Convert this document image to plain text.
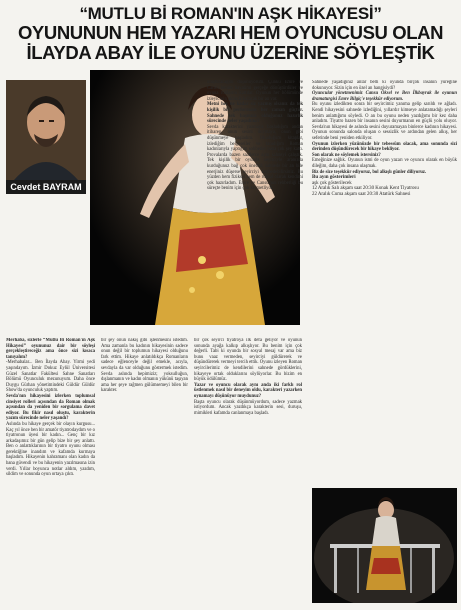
“MUTLU Bİ ROMAN'IN AŞK HİKAYESİ”
OYUNUNUN HEM YAZARI HEM OYUNCUSU OLAN
İLAYDA ABAY İLE OYUNU ÜZERİNE SÖYLEŞTİK
Cevdet BAYRAM

Merhaba, sizlerle “Mutlu Bi Roman'ın Aşk Hikayesi” oyununuz dair bir söyleşi gerçekleştireceğiz ama önce sizi kısaca tanıyalım?

-Merhabalar... Ben İlayda Abay. Yirmi yedi yaşındayım. İzmir Dokuz Eylül Üniversitesi Güzel Sanatlar Fakültesi Sahne Sanatları Bölümü Oyunculuk mezunuyum. Daha önce Duygu Gürhan yönetimindeki Güldür Güldür Show'da oyunculuk yaptım.

Sevda'nın hikayesini izlerken toplumsal cinsiyet rolleri açısından da Roman olmak açısından da yeniden bir sorgulama davet ediyor. Bu fikir nasıl oluştu, karakterin yazım sürecinde neler yaşandı?

Aslında bu hikaye gerçek bir olayın kurgusu... Kaç yıl önce ben bir amatör tiyatrodaydım ve o tiyatronun üyesi bir kadın... Genç bir kız arkadaşımız bir gün gelip bize bir şey anlattı. Ben o anlattıklarının bir tiyatro oyunu olması gerektiğine inandım ve kafamda kurmaya başladım. Hikayenin kahramanı olan kadın da bana güvendi ve bu hikayenin yazılmasına izin verdi. Yıllar boyunca notlar aldım, yazdım, sildim ve sonunda oyun ortaya çıktı.

bir şey onun nakış gibi işlenmesini istedim. Ama zamanla bu kadının hikayesinin sadece onun değil bir toplumun hikayesi olduğunu fark ettim. Hikaye anlatıldıkça Romanların sadece eğlenceyle değil emekle, acıyla, sevdayla da var olduğunu göstermek istedim. Sevda aslında hepimiziz; yoksulluğun, dışlanmanın ve kadın olmanın yükünü taşıyan ama her şeye rağmen gülümsemeyi bilen bir karakter.

bir çok seyirci tiyatroya ilk defa geliyor ve oyunun sonunda ayağa kalkıp alkışlıyor. Bu benim için çok değerli. Tabi ki oyunda bir sosyal mesaj var ama biz bunu vaaz vermeden, seyirciyi güldürerek ve düşündürerek vermeyi tercih ettik. Oyunu izleyen Roman seyircilerimiz de kendilerini sahnede gördüklerini, hikayeye ortak olduklarını söylüyorlar. Bu bizim en büyük ödülümüz.

Yazar ve oyuncu olarak aynı anda iki farklı rol üstlenmek nasıl bir deneyim oldu, karakteri yazarken oynamayı düşünüyor muydunuz?

Başta oyuncu olarak düşünmüyordum, sadece yazmak istiyordum. Ancak yazdıkça karakterin sesi, duruşu, mimikleri kafamda canlanmaya başladı.

oluşturacağını düşünüyorum. Çünkü Emre ve Cansu benim hayalimi gerçeğe dönüştürdüler ve oyuna ruhlarını kattılar. Oyunun her bölümünde izleyicinin aklında kalacak bir an var.

Metni her ne kadar siz yazmış olsanız da tek kişilik bir performans her zaman güçtür. Sahnede tek başınıza olduğunuz hazırlık sürecinde neler yaşadınız?

Sevda karakterini yazmaya başladığım andan itibaren, onun sesini duymaya, onun gibi düşünmeye başladım. Okuduğum kitaplar, izlediğim belgeseller ve tanıdığım Roman kadınlarıyla yaptığım sohbetler bana çok şey kattı. Provalarda bazen saatlerce aynı sahneyi çalıştık. Tek kişilik bir oyunda seyirciyle aranızda kurduğunuz bağ çok önemli; sahnede bir an bile enerjiniz düşerse seyirciyi kaybedebilirsiniz. Bu yüzden hem fiziksel hem de ruhsal olarak kendimi çok hazırladım. Emre ve Cansu'nun rehberliği bu süreçte benim için çok kıymetliydi.

Sahnede yaşadığınız anlar belli ki oyunda birçok insanın yüreğine dokunuyor. Sizin için en özel an hangisiydi?

Oyuncular yönetmenimiz Cansu Öksel ve Ben İlkbayrak ile oyunun dramaturgisi Emre Bilgiç'e teşekkür ediyorum.

Bu oyunu izledikten sonra bir seyircimiz yanıma gelip sarıldı ve ağladı. Kendi hikayesini sahnede izlediğini, yıllardır kimseye anlatamadığı şeyleri benim anlattığımı söyledi. O an bu oyunu neden yazdığımı bir kez daha anladım. Tiyatro bazen bir insanın sesini duyurmanın en güçlü yolu oluyor. Sevda'nın hikayesi de aslında sesini duyuramayan binlerce kadının hikayesi. Oyunun sonunda salonda oluşan o sessizlik ve ardından gelen alkış, her seferinde beni yeniden etkiliyor.

Oyunun izlerken yüzünüzde bir tebessüm olacak, ama sonunda sizi derinden düşündürecek bir hikaye bekliyor.

Son olarak ne söylemek istersiniz?

Emeğinize sağlık. Oyunun ismi de oyun yazarı ve oyuncu olarak en büyük dileğim, daha çok insana ulaşmak.

Biz de size teşekkür ediyoruz, bol alkışlı günler diliyoruz.

Bu ayın gösterimleri

aşk çok gösterilecek

12 Aralık Salı akşam saat 20:30 Konak Kent Tiyatrosu

22 Aralık Cuma akşam saat 20:30 Atatürk Sahnesi
